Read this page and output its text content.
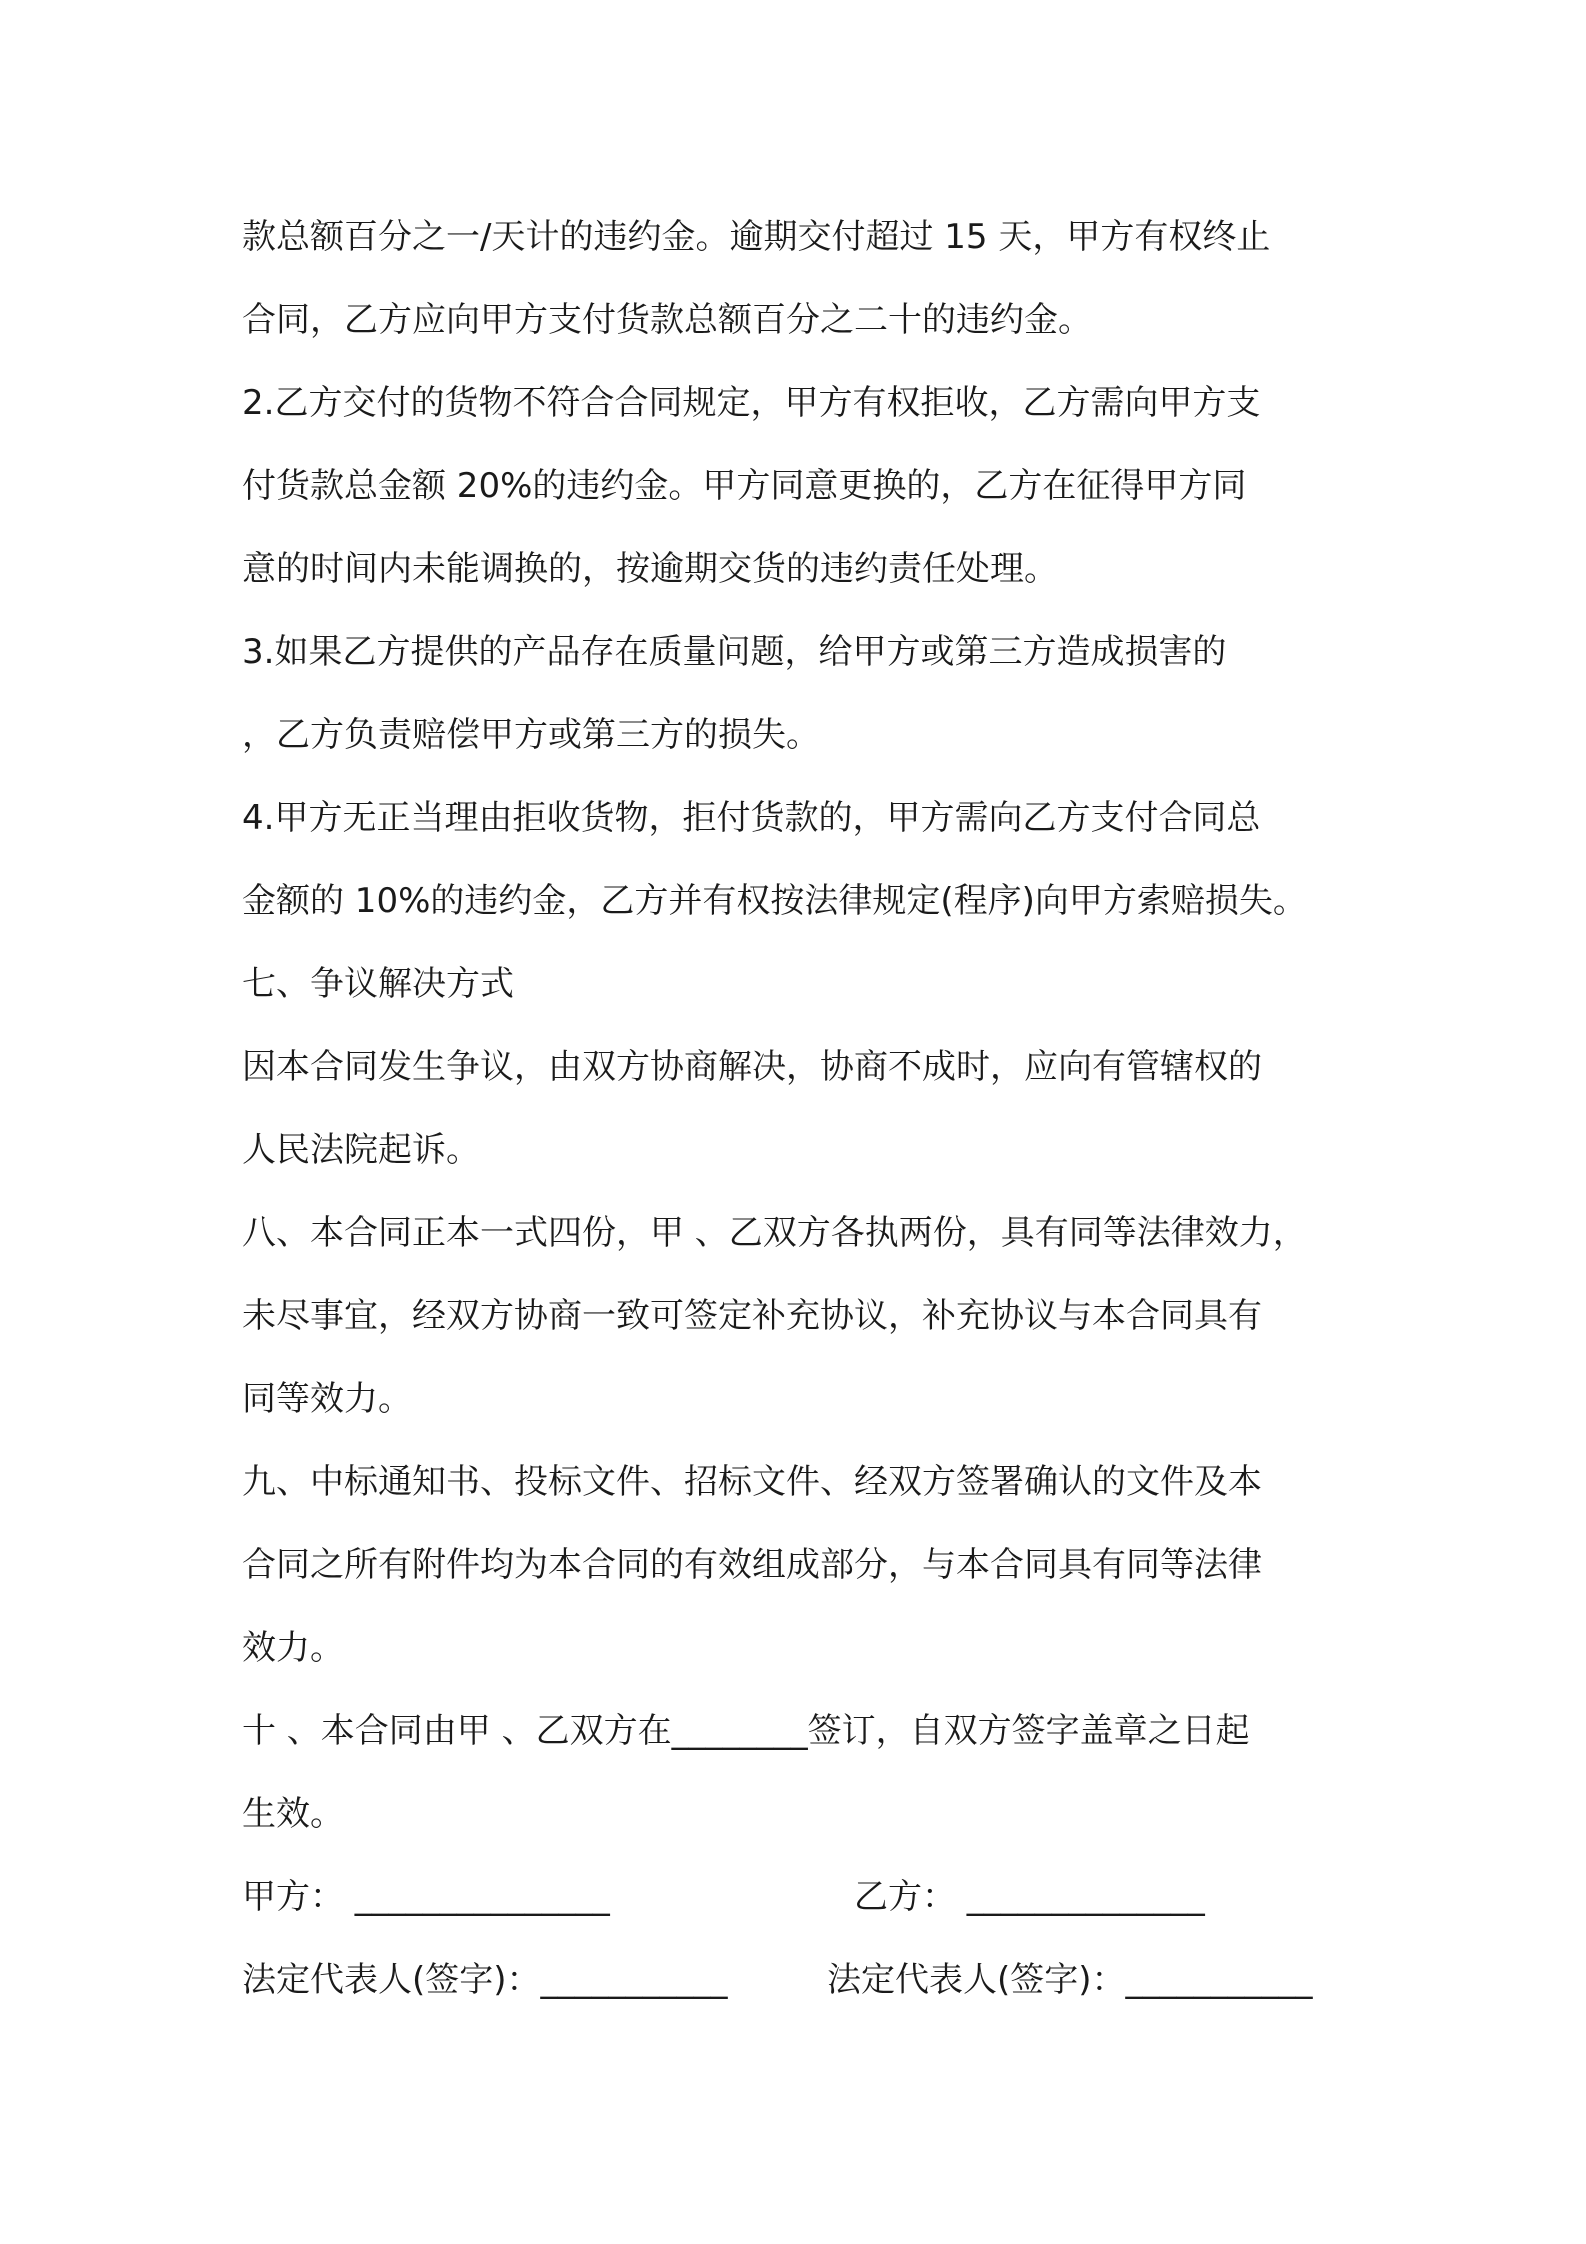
款总额百分之一/天计的违约金。逾期交付超过 15 天，甲方有权终止
合同，乙方应向甲方支付货款总额百分之二十的违约金。
2.乙方交付的货物不符合合同规定，甲方有权拒收，乙方需向甲方支
付货款总金额 20%的违约金。甲方同意更换的，乙方在征得甲方同
意的时间内未能调换的，按逾期交货的违约责任处理。
3.如果乙方提供的产品存在质量问题，给甲方或第三方造成损害的
，乙方负责赔偿甲方或第三方的损失。
4.甲方无正当理由拒收货物，拒付货款的，甲方需向乙方支付合同总
金额的 10%的违约金，乙方并有权按法律规定(程序)向甲方索赔损失。
七、争议解决方式
因本合同发生争议，由双方协商解决，协商不成时，应向有管辖权的
人民法院起诉。
八、本合同正本一式四份，甲 、乙双方各执两份，具有同等法律效力，
未尽事宜，经双方协商一致可签定补充协议，补充协议与本合同具有
同等效力。
九、中标通知书、投标文件、招标文件、经双方签署确认的文件及本
合同之所有附件均为本合同的有效组成部分，与本合同具有同等法律
效力。
十 、本合同由甲 、乙双方在________签订，自双方签字盖章之日起
生效。
甲方： _______________	乙方： ______________
法定代表人(签字)：___________	法定代表人(签字)：___________
